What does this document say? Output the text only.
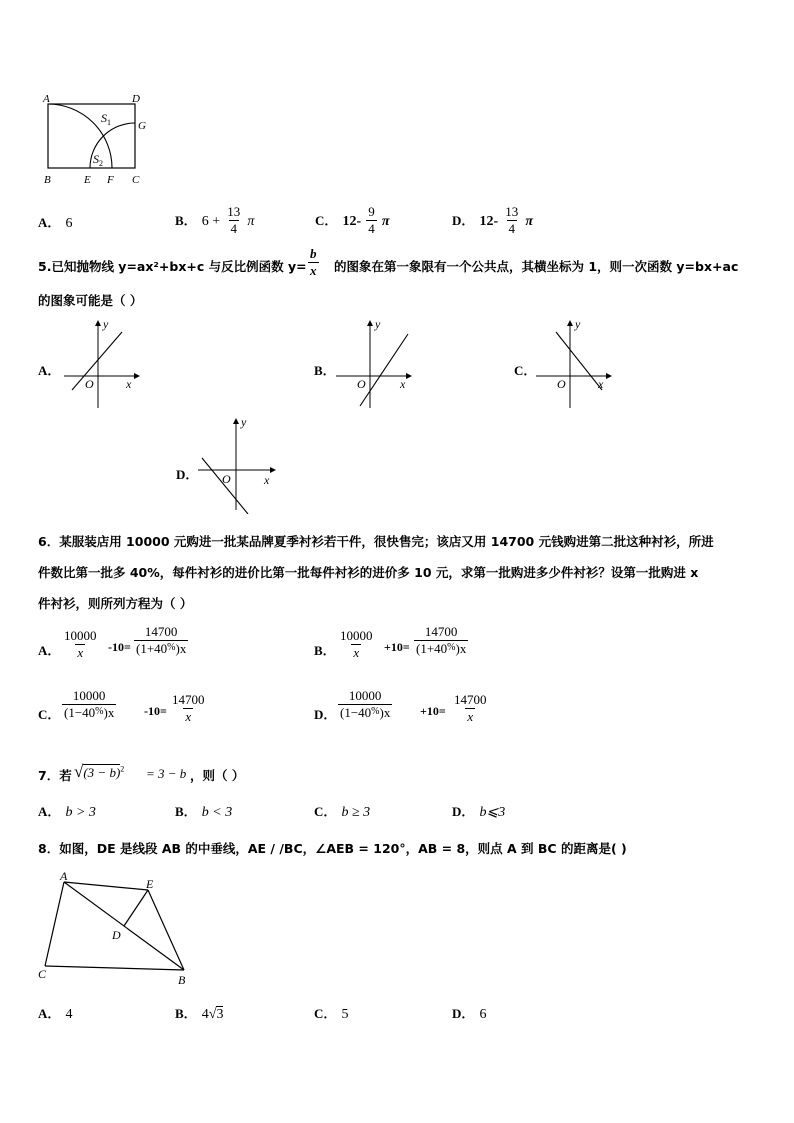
A	D
G
B	E F C
$S_1$
$S_2$
A． 6	B． $6 + \frac{13}{4}$ π	C． $12- \frac{9}{4}$ π	D． $12- \frac{13}{4}$ π
5.已知抛物线 y=ax²+bx+c 与反比例函数 $y= \frac{b}{x}$ 的图象在第一象限有一个公共点，其横坐标为 1，则一次函数 y=bx+ac
的图象可能是（ ）
A．
y
x
O
B．
y
x
O
C．
y
x
O
D．
y
x
O
6．某服装店用 10000 元购进一批某品牌夏季衬衫若干件，很快售完；该店又用 14700 元钱购进第二批这种衬衫，所进
件数比第一批多 40%，每件衬衫的进价比第一批每件衬衫的进价多 10 元，求第一批购进多少件衬衫？设第一批购进 x
件衬衫，则所列方程为（ ）
A． $\frac{10000}{x} -10= \frac{14700}{(1+40^{\%})x}$	B． $\frac{10000}{x} +10= \frac{14700}{(1+40^{\%})x}$
C． $\frac{10000}{(1-40^{\%})x} -10= \frac{14700}{x}$	D． $\frac{10000}{(1-40^{\%})x} +10= \frac{14700}{x}$
7．若 $√(3 - b)^2 = 3 - b$ ，则（ ）
A． b > 3	B． b < 3	C． b ≥ 3	D． b⩽3
8．如图，DE 是线段 AB 的中垂线，AE / /BC，∠AEB = 120°，AB = 8，则点 A 到 BC 的距离是( )
A
E
D
C	B
A． 4	B． 4√3	C． 5	D． 6
